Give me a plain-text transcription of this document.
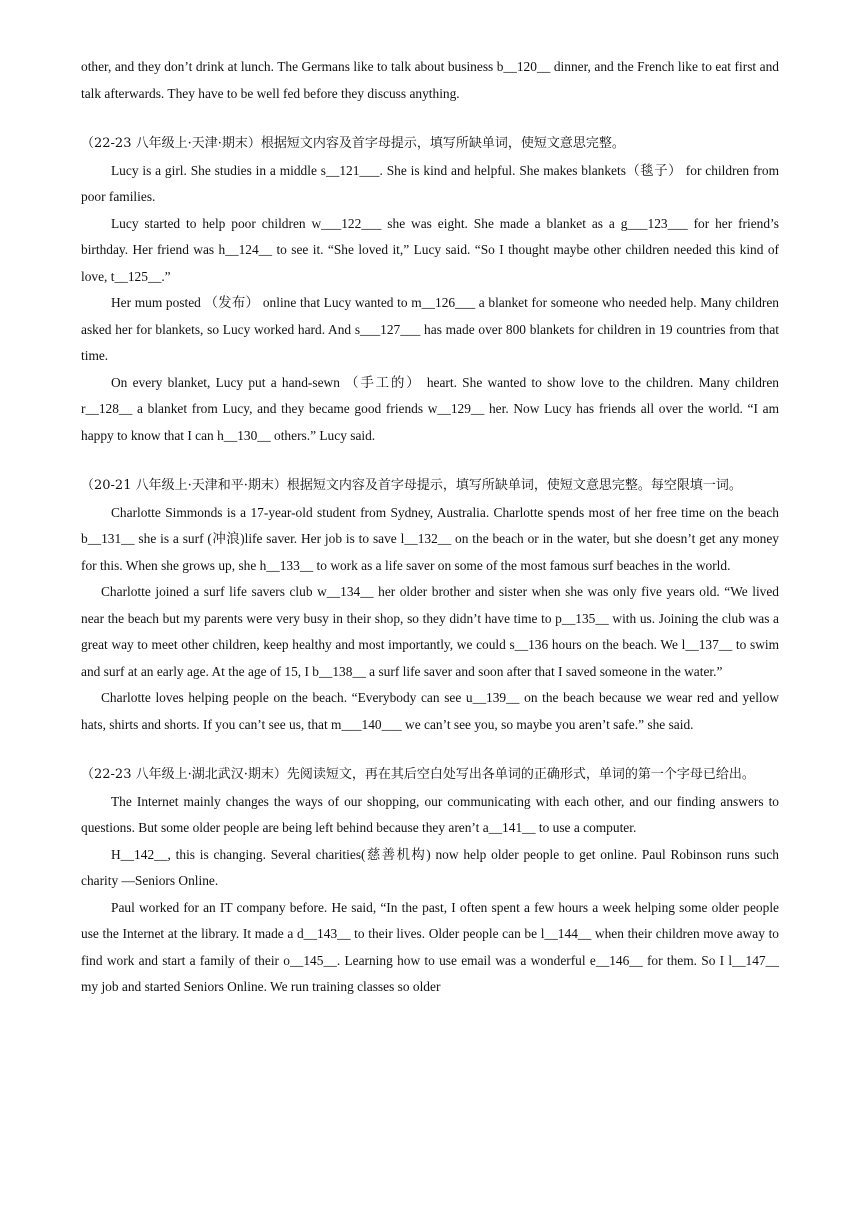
other, and they don’t drink at lunch. The Germans like to talk about business b__120__ dinner, and the French like to eat first and talk afterwards. They have to be well fed before they discuss anything.

（22-23 八年级上·天津·期末）根据短文内容及首字母提示，填写所缺单词，使短文意思完整。

Lucy is a girl. She studies in a middle s__121___. She is kind and helpful. She makes blankets（毯子） for children from poor families.

Lucy started to help poor children w___122___ she was eight. She made a blanket as a g___123___ for her friend’s birthday. Her friend was h__124__ to see it. “She loved it,” Lucy said. “So I thought maybe other children needed this kind of love, t__125__.”

Her mum posted （发布） online that Lucy wanted to m__126___ a blanket for someone who needed help. Many children asked her for blankets, so Lucy worked hard. And s___127___ has made over 800 blankets for children in 19 countries from that time.

On every blanket, Lucy put a hand-sewn （手工的） heart. She wanted to show love to the children. Many children r__128__ a blanket from Lucy, and they became good friends w__129__ her. Now Lucy has friends all over the world. “I am happy to know that I can h__130__ others.” Lucy said.

（20-21 八年级上·天津和平·期末）根据短文内容及首字母提示，填写所缺单词，使短文意思完整。每空限填一词。

Charlotte Simmonds is a 17-year-old student from Sydney, Australia. Charlotte spends most of her free time on the beach b__131__ she is a surf (冲浪)life saver. Her job is to save l__132__ on the beach or in the water, but she doesn’t get any money for this. When she grows up, she h__133__ to work as a life saver on some of the most famous surf beaches in the world.

Charlotte joined a surf life savers club w__134__ her older brother and sister when she was only five years old. “We lived near the beach but my parents were very busy in their shop, so they didn’t have time to p__135__ with us. Joining the club was a great way to meet other children, keep healthy and most importantly, we could s__136 hours on the beach. We l__137__ to swim and surf at an early age. At the age of 15, I b__138__ a surf life saver and soon after that I saved someone in the water.”

Charlotte loves helping people on the beach. “Everybody can see u__139__ on the beach because we wear red and yellow hats, shirts and shorts. If you can’t see us, that m___140___ we can’t see you, so maybe you aren’t safe.” she said.

（22-23 八年级上·湖北武汉·期末）先阅读短文，再在其后空白处写出各单词的正确形式，单词的第一个字母已给出。

The Internet mainly changes the ways of our shopping, our communicating with each other, and our finding answers to questions. But some older people are being left behind because they aren’t a__141__ to use a computer.

H__142__, this is changing. Several charities(慈善机构) now help older people to get online. Paul Robinson runs such charity —Seniors Online.

Paul worked for an IT company before. He said, “In the past, I often spent a few hours a week helping some older people use the Internet at the library. It made a d__143__ to their lives. Older people can be l__144__ when their children move away to find work and start a family of their o__145__. Learning how to use email was a wonderful e__146__ for them. So I l__147__ my job and started Seniors Online. We run training classes so older
